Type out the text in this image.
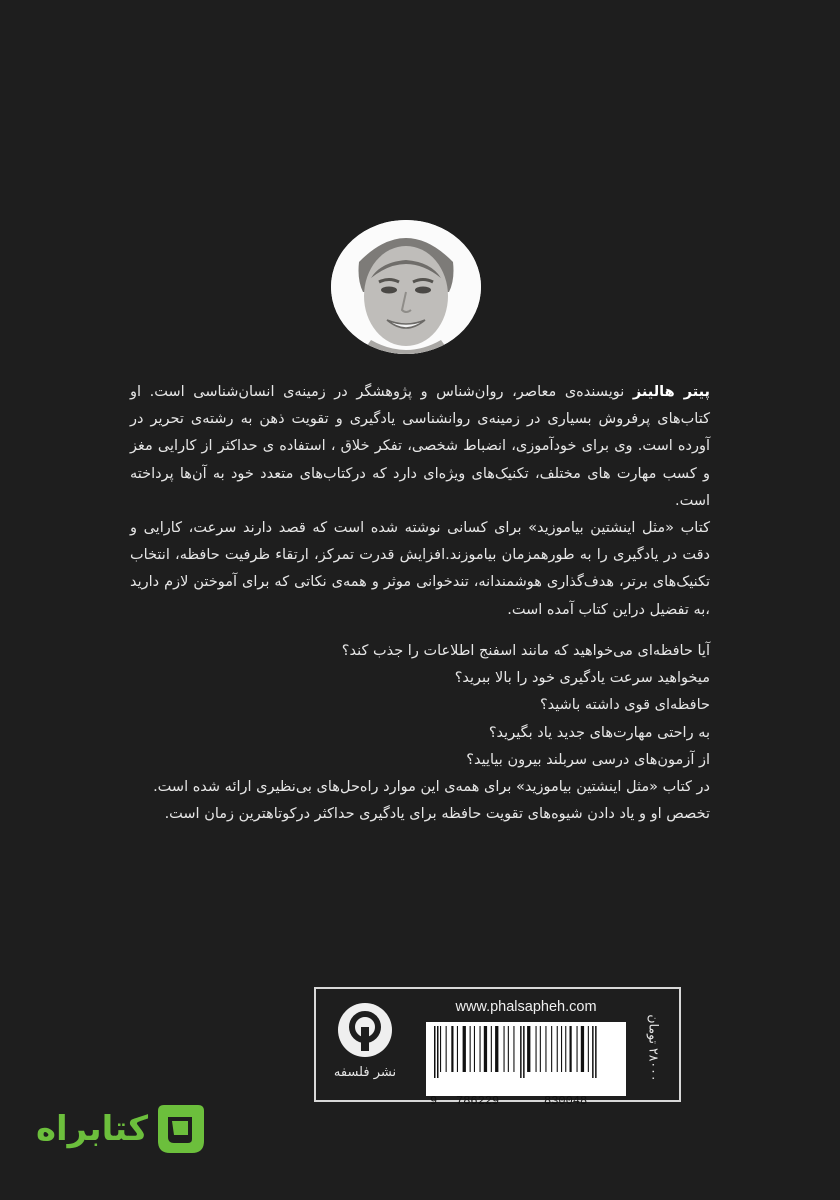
پیتر هالینز نویسنده‌ی معاصر، روان‌شناس و پژوهشگر در زمینه‌ی انسان‌شناسی است. او کتاب‌های پرفروش بسیاری در زمینه‌ی روانشناسی یادگیری و تقویت ذهن به رشته‌ی تحریر در آورده است. وی برای خودآموزی، انضباط شخصی، تفکر خلاق ، استفاده ی حداکثر از کارایی مغز و کسب مهارت های مختلف، تکنیک‌های ویژه‌ای دارد که درکتاب‌های متعدد خود به آن‌ها پرداخته است.

کتاب «مثل اینشتین بیاموزید» برای کسانی نوشته شده است که قصد دارند سرعت، کارایی و دقت در یادگیری را به طورهمزمان بیاموزند.افزایش قدرت تمرکز، ارتقاء ظرفیت حافظه، انتخاب تکنیک‌های برتر، هدف‌گذاری هوشمندانه، تندخوانی موثر و همه‌ی نکاتی که برای آموختن لازم دارید ،به تفضیل دراین کتاب آمده است.

آیا حافظه‌ای می‌خواهید که مانند اسفنج اطلاعات را جذب کند؟

میخواهید سرعت یادگیری خود را بالا ببرید؟

حافظه‌ای قوی داشته باشید؟

به راحتی مهارت‌های جدید یاد بگیرید؟

از آزمون‌های درسی سربلند بیرون بیایید؟

در کتاب «مثل اینشتین بیاموزید» برای همه‌ی این موارد راه‌حل‌های بی‌نظیری ارائه شده است. تخصص او و یاد دادن شیوه‌های تقویت حافظه برای یادگیری حداکثر درکوتاهترین زمان است.

نشر فلسفه
www.phalsapheh.com
9 786229	830048
۲۸۰۰۰ تومان
کتابراه
